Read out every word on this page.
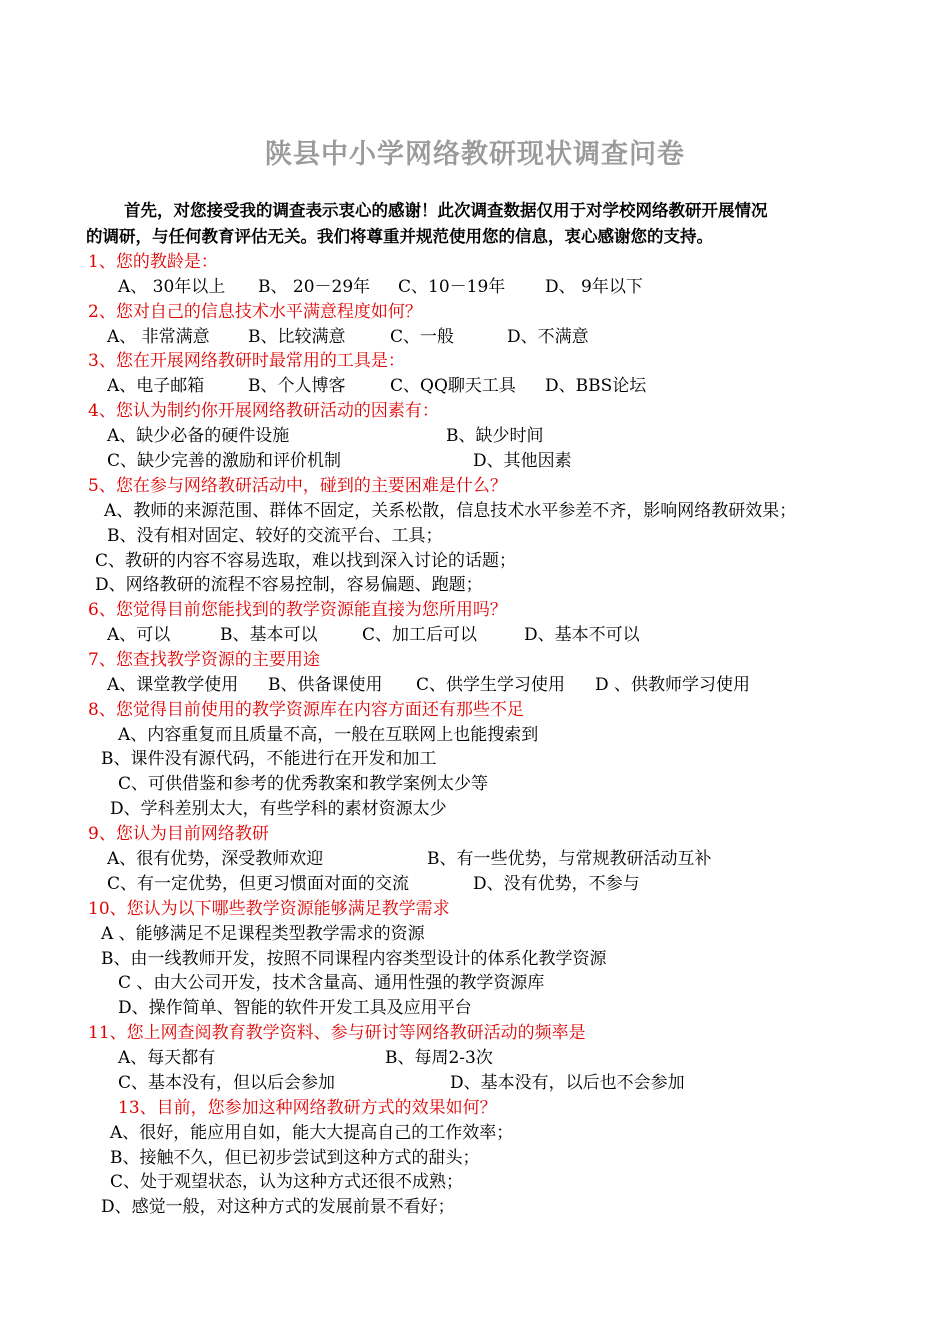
陕县中小学网络教研现状调查问卷
首先，对您接受我的调查表示衷心的感谢！此次调查数据仅用于对学校网络教研开展情况
的调研，与任何教育评估无关。我们将尊重并规范使用您的信息，衷心感谢您的支持。
1、您的教龄是：
A、 30年以上 B、 20－29年 C、10－19年 D、 9年以下
2、您对自己的信息技术水平满意程度如何？
A、 非常满意 B、比较满意	C、一般	D、不满意
3、您在开展网络教研时最常用的工具是：
A、电子邮箱	B、个人博客	C、QQ聊天工具 D、BBS论坛
4、您认为制约你开展网络教研活动的因素有：
A、缺少必备的硬件设施	B、缺少时间
C、缺少完善的激励和评价机制	D、其他因素
5、您在参与网络教研活动中，碰到的主要困难是什么？
A、教师的来源范围、群体不固定，关系松散，信息技术水平参差不齐，影响网络教研效果；
B、没有相对固定、较好的交流平台、工具；
C、教研的内容不容易选取，难以找到深入讨论的话题；
D、网络教研的流程不容易控制，容易偏题、跑题；
6、您觉得目前您能找到的教学资源能直接为您所用吗？
A、可以	B、基本可以	C、加工后可以	D、基本不可以
7、您查找教学资源的主要用途
A、课堂教学使用 B、供备课使用 C、供学生学习使用 D 、供教师学习使用
8、您觉得目前使用的教学资源库在内容方面还有那些不足
A、内容重复而且质量不高，一般在互联网上也能搜索到
B、课件没有源代码，不能进行在开发和加工
C、可供借鉴和参考的优秀教案和教学案例太少等
D、学科差别太大，有些学科的素材资源太少
9、您认为目前网络教研
A、很有优势，深受教师欢迎	B、有一些优势，与常规教研活动互补
C、有一定优势，但更习惯面对面的交流	D、没有优势，不参与
10、您认为以下哪些教学资源能够满足教学需求
A 、能够满足不足课程类型教学需求的资源
B、由一线教师开发，按照不同课程内容类型设计的体系化教学资源
C 、由大公司开发，技术含量高、通用性强的教学资源库
D、操作简单、智能的软件开发工具及应用平台
11、您上网查阅教育教学资料、参与研讨等网络教研活动的频率是
A、每天都有	B、每周2-3次
C、基本没有，但以后会参加	D、基本没有，以后也不会参加
13、目前，您参加这种网络教研方式的效果如何？
A、很好，能应用自如，能大大提高自己的工作效率；
B、接触不久，但已初步尝试到这种方式的甜头；
C、处于观望状态，认为这种方式还很不成熟；
D、感觉一般，对这种方式的发展前景不看好；
